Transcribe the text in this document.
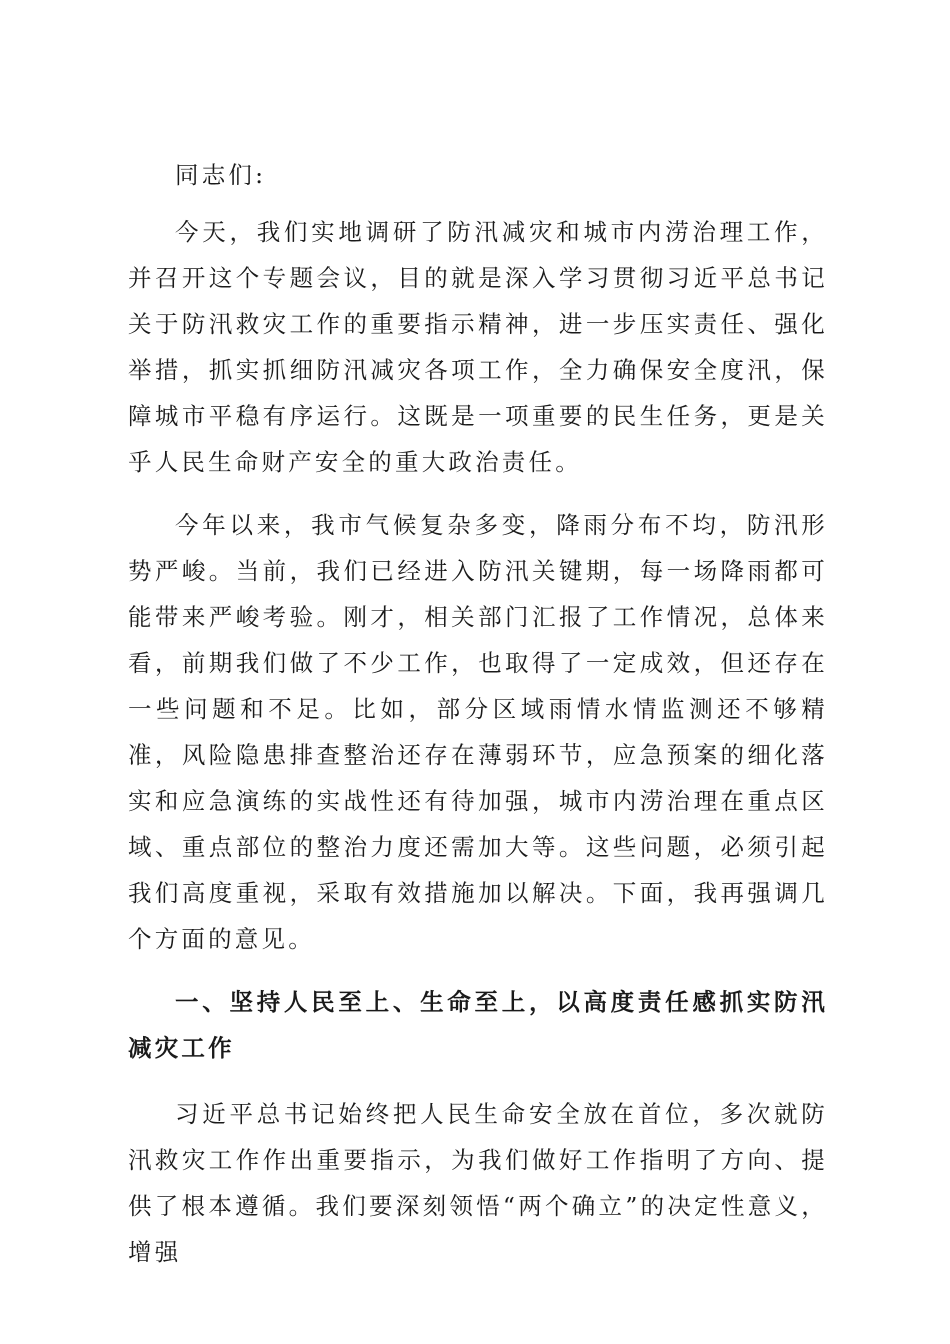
同志们:

今天，我们实地调研了防汛减灾和城市内涝治理工作，并召开这个专题会议，目的就是深入学习贯彻习近平总书记关于防汛救灾工作的重要指示精神，进一步压实责任、强化举措，抓实抓细防汛减灾各项工作，全力确保安全度汛，保障城市平稳有序运行。这既是一项重要的民生任务，更是关乎人民生命财产安全的重大政治责任。

今年以来，我市气候复杂多变，降雨分布不均，防汛形势严峻。当前，我们已经进入防汛关键期，每一场降雨都可能带来严峻考验。刚才，相关部门汇报了工作情况，总体来看，前期我们做了不少工作，也取得了一定成效，但还存在一些问题和不足。比如，部分区域雨情水情监测还不够精准，风险隐患排查整治还存在薄弱环节，应急预案的细化落实和应急演练的实战性还有待加强，城市内涝治理在重点区域、重点部位的整治力度还需加大等。这些问题，必须引起我们高度重视，采取有效措施加以解决。下面，我再强调几个方面的意见。

一、坚持人民至上、生命至上，以高度责任感抓实防汛减灾工作

习近平总书记始终把人民生命安全放在首位，多次就防汛救灾工作作出重要指示，为我们做好工作指明了方向、提供了根本遵循。我们要深刻领悟“两个确立”的决定性意义，增强
